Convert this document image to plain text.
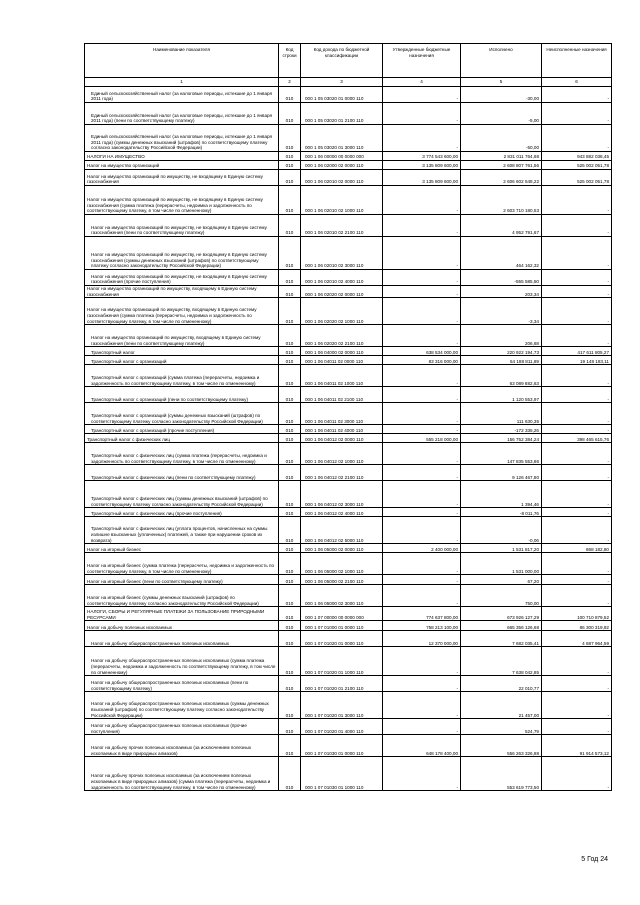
Наименование показателя	Код строки	Код дохода по бюджетной классификации	Утвержденные бюджетные назначения	Исполнено	Неисполненные назначения
1	2	3	4	5	6
Единый сельскохозяйственный налог (за налоговые периоды, истекшие до 1 января 2011 года)	010	000 1 05 03020 01 0000 110	-	-30,00	-
Единый сельскохозяйственный налог (за налоговые периоды, истекшие до 1 января 2011 года) (пени по соответствующему платежу)	010	000 1 05 03020 01 2100 110	-	-5,00	-
Единый сельскохозяйственный налог (за налоговые периоды, истекшие до 1 января 2011 года) (суммы денежных взысканий (штрафов) по соответствующему платежу согласно законодательству Российской Федерации)	010	000 1 05 03020 01 3000 110	-	-50,00	-
НАЛОГИ НА ИМУЩЕСТВО	010	000 1 06 00000 00 0000 000	3 774 543 600,00	2 831 011 764,68	943 882 038,45
Налог на имущество организаций	010	000 1 06 02000 02 0000 110	3 135 809 600,00	2 608 807 761,56	525 002 051,78
Налог на имущество организаций по имуществу, не входящему в Единую систему газоснабжения	010	000 1 06 02010 02 0000 110	3 135 809 600,00	2 606 602 548,22	525 002 051,78
Налог на имущество организаций по имуществу, не входящему в Единую систему газоснабжения (сумма платежа (перерасчеты, недоимка и задолженность по соответствующему платежу, в том числе по отмененному)	010	000 1 06 02010 02 1000 110	-	2 603 710 180,53	-
Налог на имущество организаций по имуществу, не входящему в Единую систему газоснабжения (пени по соответствующему платежу)	010	000 1 06 02010 02 2100 110	-	4 952 791,67	-
Налог на имущество организаций по имуществу, не входящему в Единую систему газоснабжения (суммы денежных взысканий (штрафов) по соответствующему платежу согласно законодательству Российской Федерации)	010	000 1 06 02010 02 3000 110	-	464 162,32	-
Налог на имущество организаций по имуществу, не входящему в Единую систему газоснабжения (прочие поступления)	010	000 1 06 02010 02 4000 110	-	-555 585,50	-
Налог на имущество организаций по имуществу, входящему в Единую систему газоснабжения	010	000 1 06 02020 02 0000 110	-	203,34	-
Налог на имущество организаций по имуществу, входящему в Единую систему газоснабжения (сумма платежа (перерасчеты, недоимка и задолженность по соответствующему платежу, в том числе по отмененному)	010	000 1 06 02020 02 1000 110	-	-3,34	-
Налог на имущество организаций по имуществу, входящему в Единую систему газоснабжения (пени по соответствующему платежу)	010	000 1 06 02020 02 2100 110	-	206,68	-
Транспортный налог	010	000 1 06 04000 02 0000 110	638 534 000,00	220 922 194,73	417 611 805,27
Транспортный налог с организаций	010	000 1 06 04011 02 0000 110	83 316 000,00	64 188 811,89	19 148 183,11
Транспортный налог с организаций (сумма платежа (перерасчеты, недоимка и задолженность по соответствующему платежу, в том числе по отмененному)	010	000 1 06 04011 02 1000 110	-	63 089 882,63	-
Транспортный налог с организаций (пени по соответствующему платежу)	010	000 1 06 04011 02 2100 110	-	1 120 553,97	-
Транспортный налог с организаций (суммы денежных взысканий (штрафов) по соответствующему платежу согласно законодательству Российской Федерации)	010	000 1 06 04011 02 3000 110	-	111 630,35	-
Транспортный налог с организаций (прочие поступления)	010	000 1 06 04011 02 4000 110	-	-172 335,26	-
Транспортный налог с физических лиц	010	000 1 06 04012 02 0000 110	555 218 000,00	156 752 384,24	398 465 615,76
Транспортный налог с физических лиц (сумма платежа (перерасчеты, недоимка и задолженность по соответствующему платежу, в том числе по отмененному)	010	000 1 06 04012 02 1000 110	-	147 835 553,86	-
Транспортный налог с физических лиц (пени по соответствующему платежу)	010	000 1 06 04012 02 2100 110	-	9 126 467,80	-
Транспортный налог с физических лиц (суммы денежных взысканий (штрафов) по соответствующему платежу согласно законодательству Российской Федерации)	010	000 1 06 04012 02 3000 110	-	1 394,46	-
Транспортный налог с физических лиц (прочие поступления)	010	000 1 06 04012 02 4000 110	-	-8 011,76	-
Транспортный налог с физических лиц (уплата процентов, начисленных на суммы излишне взысканных (уплаченных) платежей, а также при нарушении сроков их возврата)	010	000 1 06 04012 02 5000 110	-	-0,06	-
Налог на игорный бизнес	010	000 1 06 05000 02 0000 110	2 400 000,00	1 531 817,20	868 182,80
Налог на игорный бизнес (сумма платежа (перерасчеты, недоимка и задолженность по соответствующему платежу, в том числе по отмененному)	010	000 1 06 05000 02 1000 110	-	1 531 000,00	-
Налог на игорный бизнес (пени по соответствующему платежу)	010	000 1 06 05000 02 2100 110	-	67,20	-
Налог на игорный бизнес (суммы денежных взысканий (штрафов) по соответствующему платежу согласно законодательству Российской Федерации)	010	000 1 06 05000 02 3000 110	-	750,00	-
НАЛОГИ, СБОРЫ И РЕГУЛЯРНЫЕ ПЛАТЕЖИ ЗА ПОЛЬЗОВАНИЕ ПРИРОДНЫМИ РЕСУРСАМИ	010	000 1 07 00000 00 0000 000	774 637 800,00	673 926 127,29	100 710 879,52
Налог на добычу полезных ископаемых	010	000 1 07 01000 01 0000 110	758 213 100,00	665 356 126,68	86 300 319,92
Налог на добычу общераспространенных полезных ископаемых	010	000 1 07 01020 01 0000 110	12 370 000,00	7 682 035,41	4 687 964,59
Налог на добычу общераспространенных полезных ископаемых (сумма платежа (перерасчеты, недоимка и задолженность по соответствующему платежу, в том числе по отмененному)	010	000 1 07 01020 01 1000 110	-	7 638 042,85	-
Налог на добычу общераспространенных полезных ископаемых (пени по соответствующему платежу)	010	000 1 07 01020 01 2100 110	-	22 010,77	-
Налог на добычу общераспространенных полезных ископаемых (суммы денежных взысканий (штрафов) по соответствующему платежу согласно законодательству Российской Федерации)	010	000 1 07 01020 01 3000 110	-	21 457,00	-
Налог на добычу общераспространенных полезных ископаемых (прочие поступления)	010	000 1 07 01020 01 4000 110	-	524,79	-
Налог на добычу прочих полезных ископаемых (за исключением полезных ископаемых в виде природных алмазов)	010	000 1 07 01030 01 0000 110	648 178 400,00	556 263 326,88	91 914 573,12
Налог на добычу прочих полезных ископаемых (за исключением полезных ископаемых в виде природных алмазов) (сумма платежа (перерасчеты, недоимка и задолженность по соответствующему платежу, в том числе по отмененному)	010	000 1 07 01030 01 1000 110	-	553 619 773,50	-
5 Год 24
